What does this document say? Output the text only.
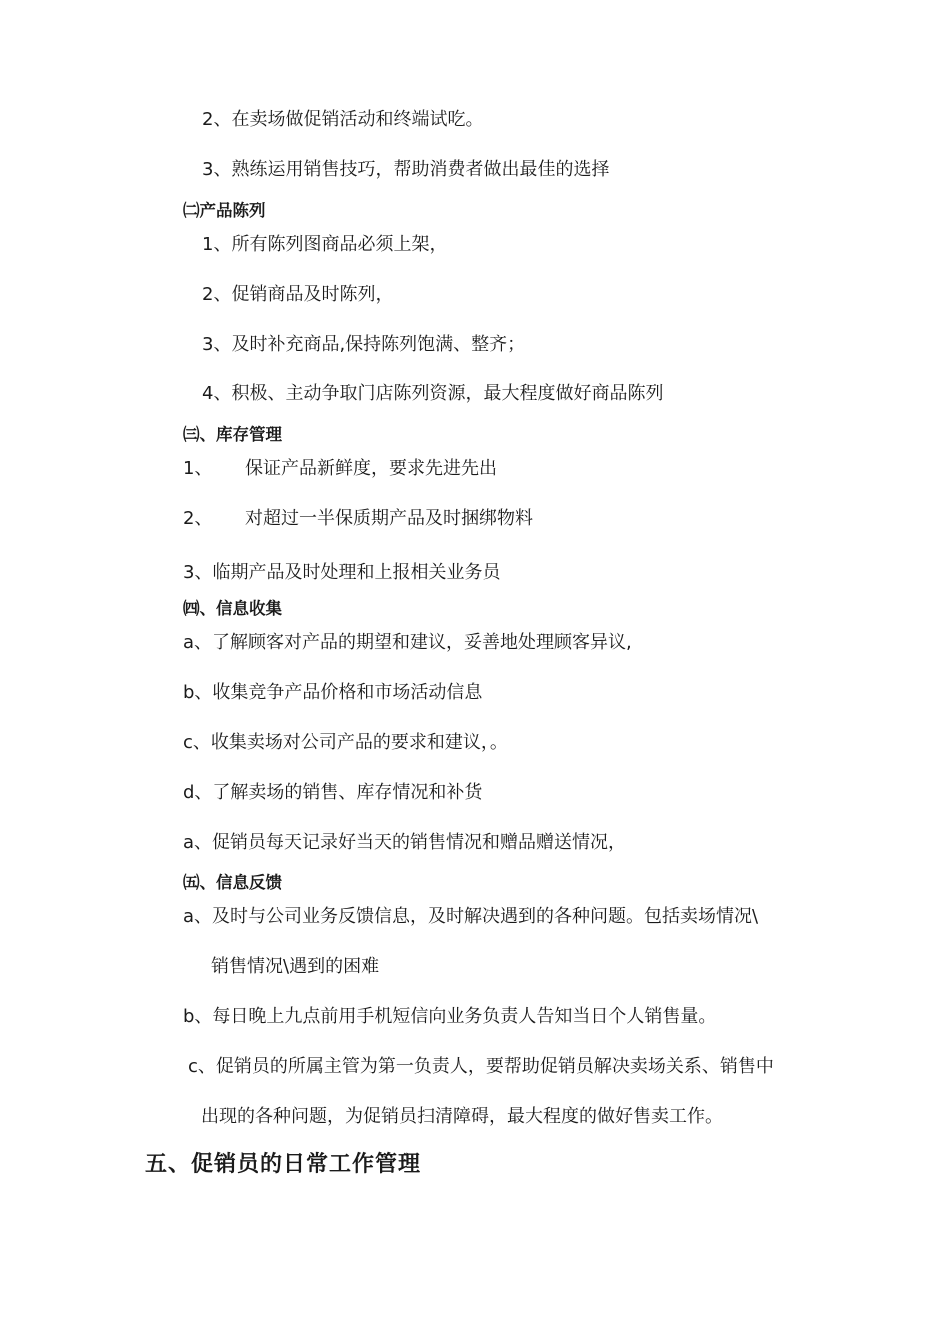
2、在卖场做促销活动和终端试吃。
3、熟练运用销售技巧，帮助消费者做出最佳的选择
㈡产品陈列
1、所有陈列图商品必须上架，
2、促销商品及时陈列，
3、及时补充商品,保持陈列饱满、整齐；
4、积极、主动争取门店陈列资源，最大程度做好商品陈列
㈢、库存管理
1、 保证产品新鲜度，要求先进先出
2、 对超过一半保质期产品及时捆绑物料
3、临期产品及时处理和上报相关业务员
㈣、信息收集
a、了解顾客对产品的期望和建议，妥善地处理顾客异议,
b、收集竞争产品价格和市场活动信息
c、收集卖场对公司产品的要求和建议，。
d、了解卖场的销售、库存情况和补货
a、促销员每天记录好当天的销售情况和赠品赠送情况，
㈤、信息反馈
a、及时与公司业务反馈信息，及时解决遇到的各种问题。包括卖场情况\
销售情况\遇到的困难
b、每日晚上九点前用手机短信向业务负责人告知当日个人销售量。
c、促销员的所属主管为第一负责人，要帮助促销员解决卖场关系、销售中
出现的各种问题，为促销员扫清障碍，最大程度的做好售卖工作。
五、促销员的日常工作管理
